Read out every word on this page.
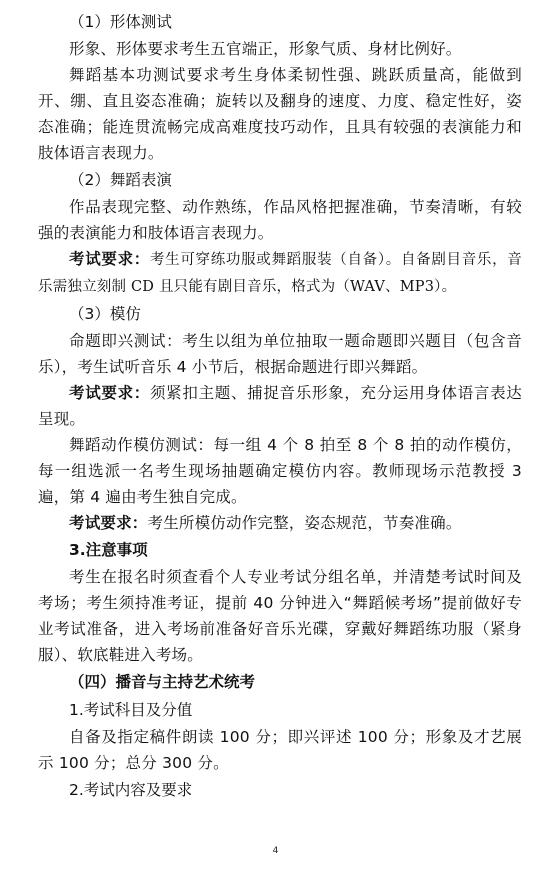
（1）形体测试

形象、形体要求考生五官端正，形象气质、身材比例好。

舞蹈基本功测试要求考生身体柔韧性强、跳跃质量高，能做到开、绷、直且姿态准确；旋转以及翻身的速度、力度、稳定性好，姿态准确；能连贯流畅完成高难度技巧动作，且具有较强的表演能力和肢体语言表现力。

（2）舞蹈表演

作品表现完整、动作熟练，作品风格把握准确，节奏清晰，有较强的表演能力和肢体语言表现力。

考试要求：考生可穿练功服或舞蹈服装（自备）。自备剧目音乐，音乐需独立刻制 CD 且只能有剧目音乐，格式为（WAV、MP3）。

（3）模仿

命题即兴测试：考生以组为单位抽取一题命题即兴题目（包含音乐），考生试听音乐 4 小节后，根据命题进行即兴舞蹈。

考试要求：须紧扣主题、捕捉音乐形象，充分运用身体语言表达呈现。

舞蹈动作模仿测试：每一组 4 个 8 拍至 8 个 8 拍的动作模仿，每一组选派一名考生现场抽题确定模仿内容。教师现场示范教授 3 遍，第 4 遍由考生独自完成。

考试要求：考生所模仿动作完整，姿态规范，节奏准确。

3.注意事项

考生在报名时须查看个人专业考试分组名单，并清楚考试时间及考场；考生须持准考证，提前 40 分钟进入“舞蹈候考场”提前做好专业考试准备，进入考场前准备好音乐光碟，穿戴好舞蹈练功服（紧身服）、软底鞋进入考场。

（四）播音与主持艺术统考

1.考试科目及分值

自备及指定稿件朗读 100 分；即兴评述 100 分；形象及才艺展示 100 分；总分 300 分。

2.考试内容及要求

4
